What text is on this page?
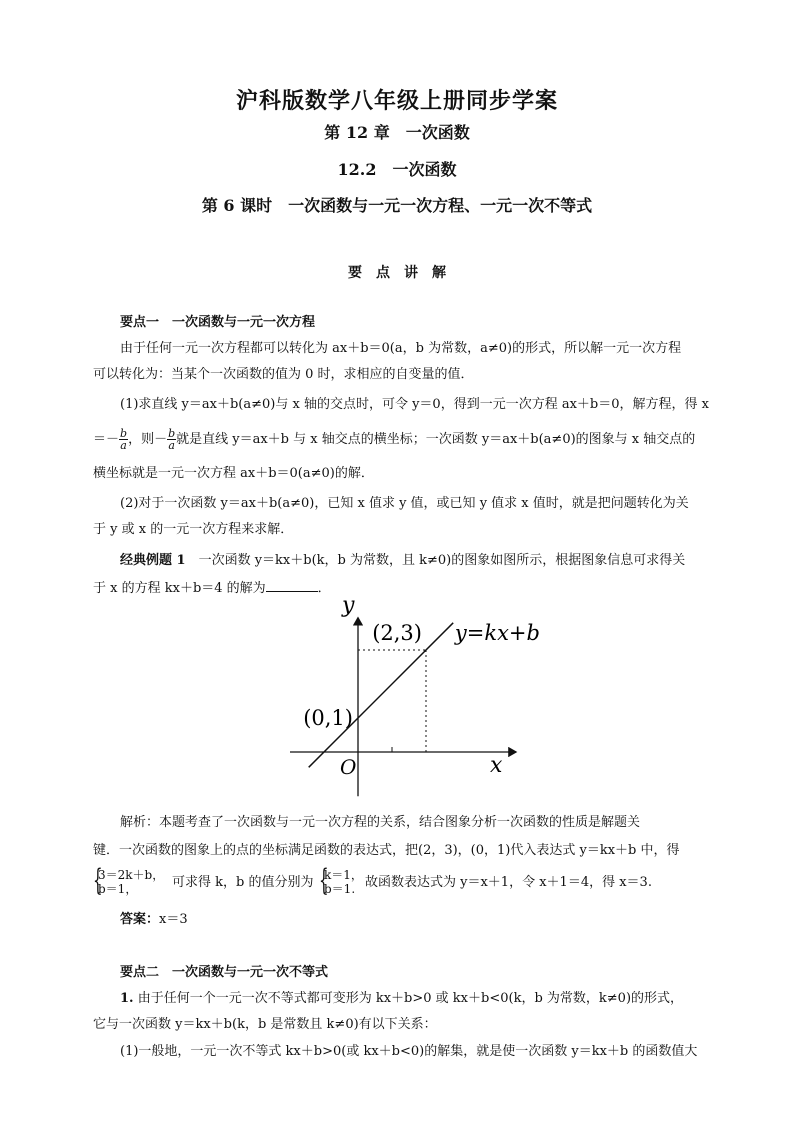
沪科版数学八年级上册同步学案
第 12 章　一次函数
12.2　一次函数
第 6 课时　一次函数与一元一次方程、一元一次不等式
要　点　讲　解
要点一　一次函数与一元一次方程
由于任何一元一次方程都可以转化为 ax＋b＝0(a，b 为常数，a≠0)的形式，所以解一元一次方程
可以转化为：当某个一次函数的值为 0 时，求相应的自变量的值．
(1)求直线 y＝ax＋b(a≠0)与 x 轴的交点时，可令 y＝0，得到一元一次方程 ax＋b＝0，解方程，得 x
＝－ $\frac{b}{a}$ ，则－ $\frac{b}{a}$ 就是直线 y＝ax＋b 与 x 轴交点的横坐标；一次函数 y＝ax＋b(a≠0)的图象与 x 轴交点的
横坐标就是一元一次方程 ax＋b＝0(a≠0)的解．
(2)对于一次函数 y＝ax＋b(a≠0)，已知 x 值求 y 值，或已知 y 值求 x 值时，就是把问题转化为关
于 y 或 x 的一元一次方程来求解．
经典例题 1　一次函数 y＝kx＋b(k，b 为常数，且 k≠0)的图象如图所示，根据图象信息可求得关
于 x 的方程 kx＋b＝4 的解为	．
(2,3)
(0,1)
x
y
O
y=kx+b
解析：本题考查了一次函数与一元一次方程的关系，结合图象分析一次函数的性质是解题关
键．一次函数的图象上的点的坐标满足函数的表达式，把(2，3)，(0，1)代入表达式 y＝kx＋b 中，得
{
3＝2k＋b，
b＝1，	可求得 k，b 的值分别为 {
k＝1，
b＝1. 故函数表达式为 y＝x＋1，令 x＋1＝4，得 x＝3.
答案：x＝3
要点二　一次函数与一元一次不等式
1. 由于任何一个一元一次不等式都可变形为 kx＋b>0 或 kx＋b<0(k，b 为常数，k≠0)的形式，
它与一次函数 y＝kx＋b(k，b 是常数且 k≠0)有以下关系：
(1)一般地，一元一次不等式 kx＋b>0(或 kx＋b<0)的解集，就是使一次函数 y＝kx＋b 的函数值大
